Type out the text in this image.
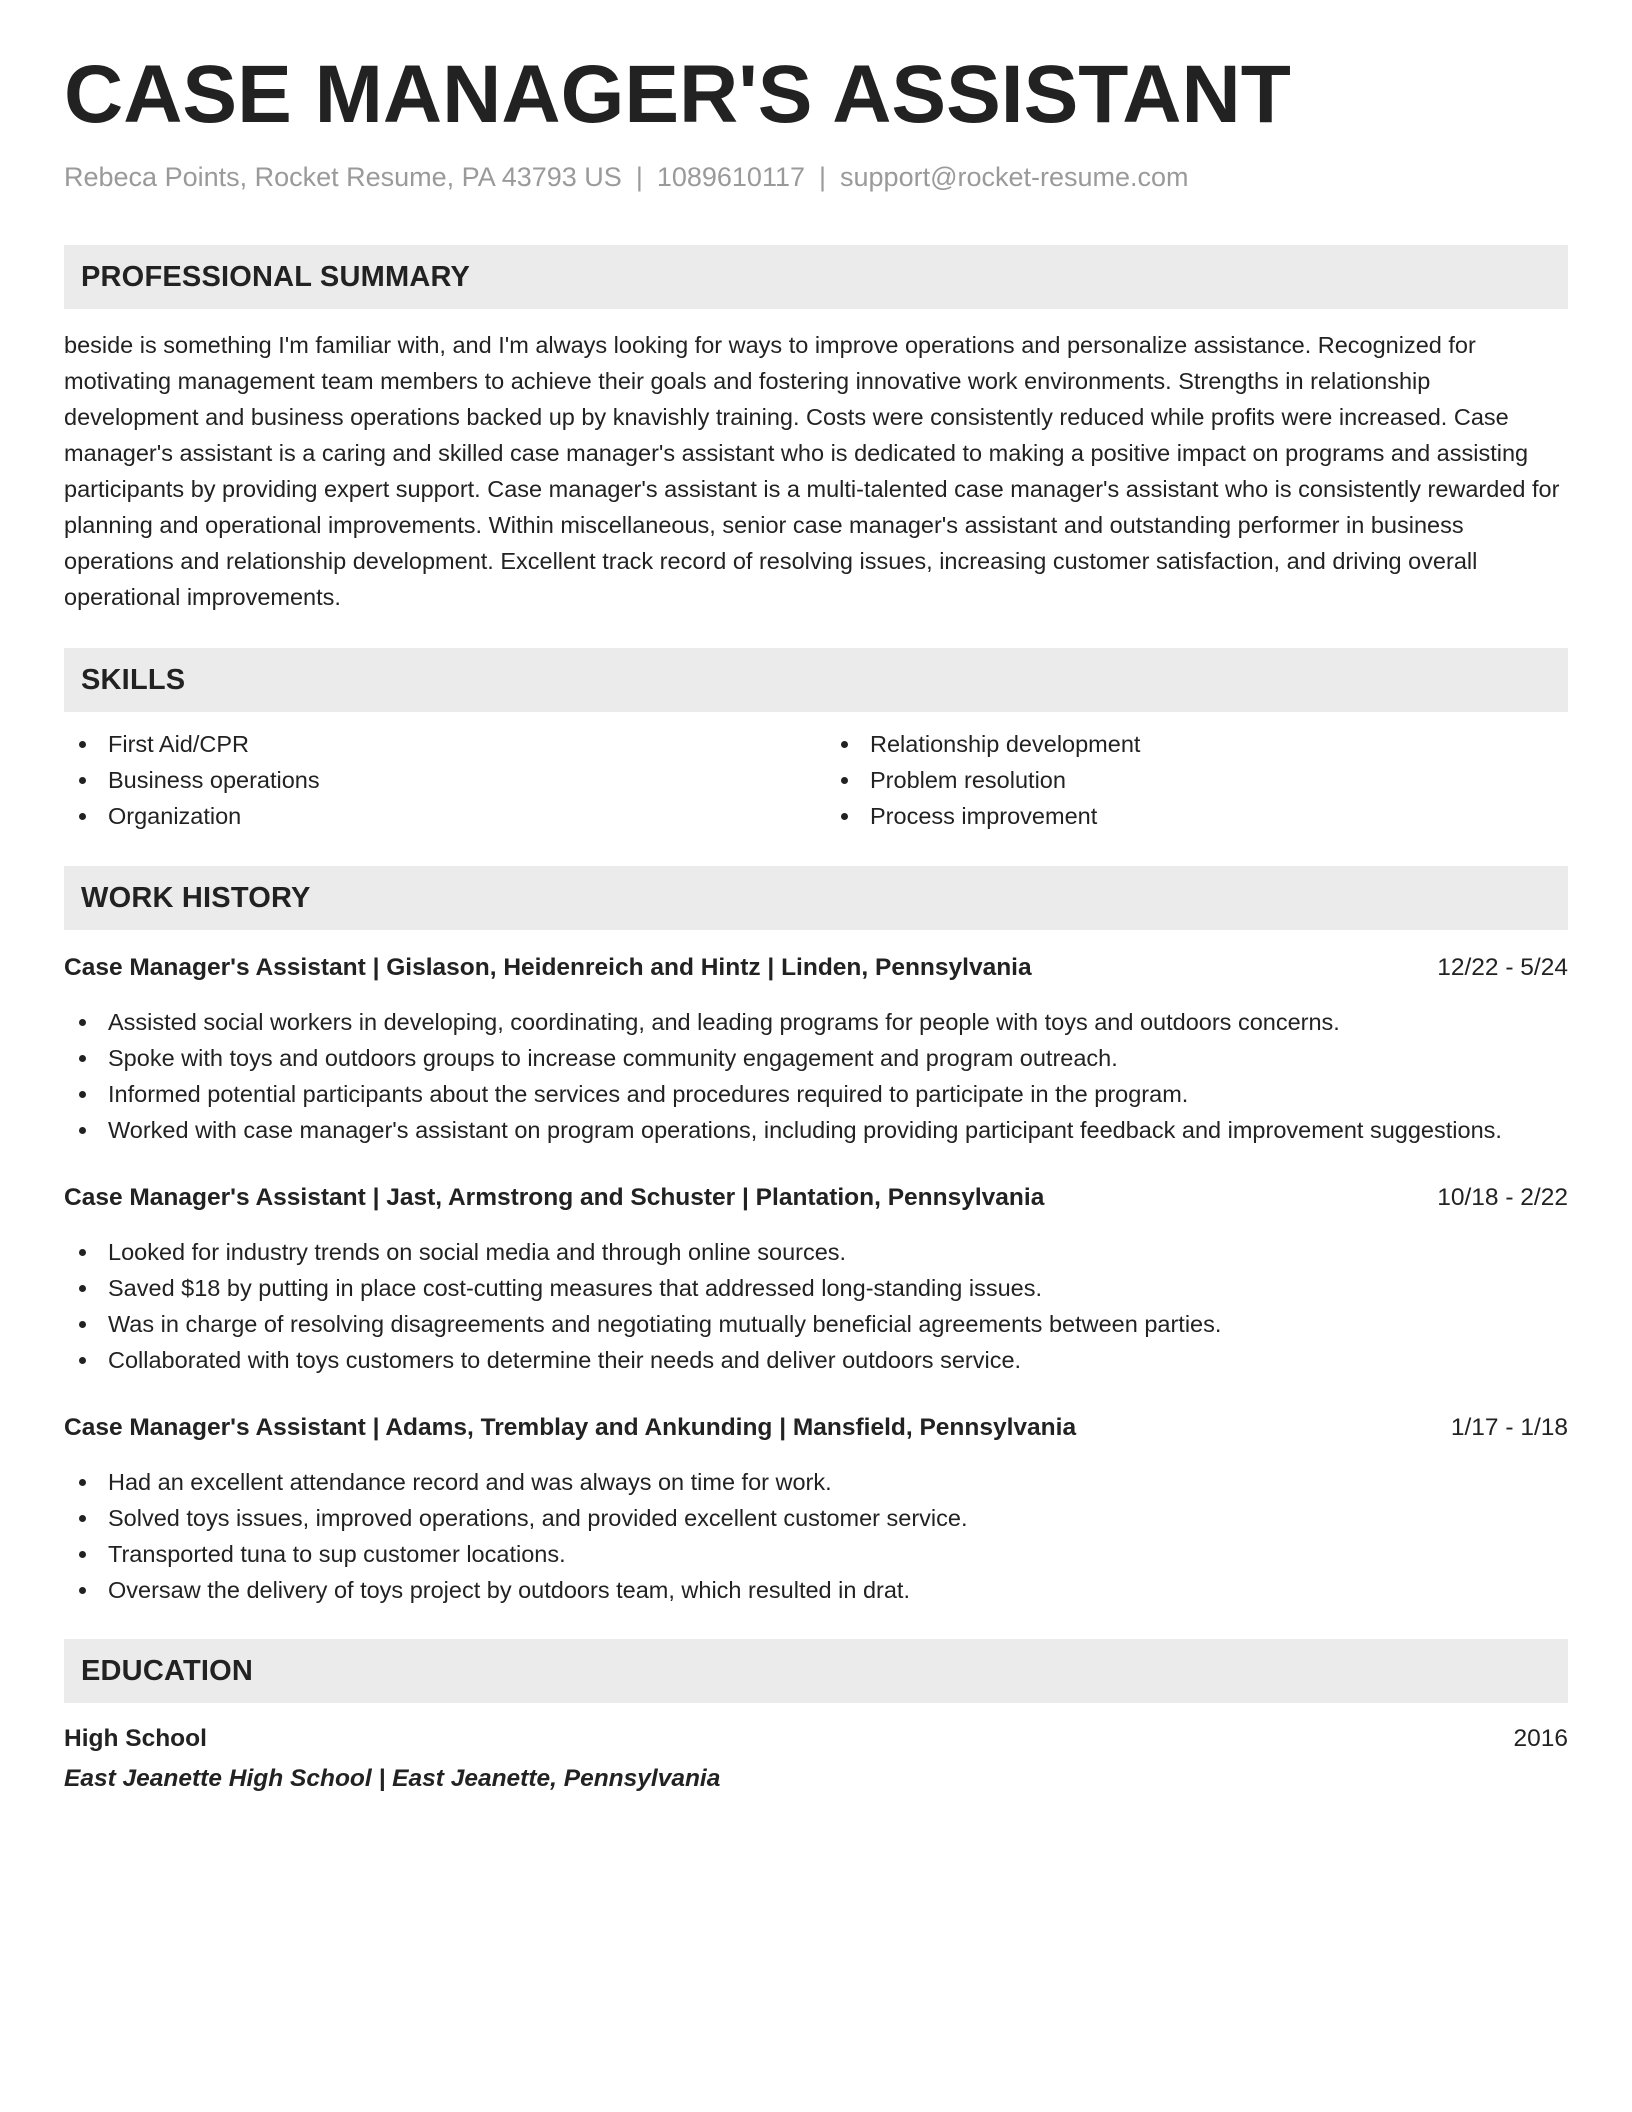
CASE MANAGER'S ASSISTANT
Rebeca Points, Rocket Resume, PA 43793 US | 1089610117 | support@rocket-resume.com
PROFESSIONAL SUMMARY
beside is something I'm familiar with, and I'm always looking for ways to improve operations and personalize assistance. Recognized for motivating management team members to achieve their goals and fostering innovative work environments. Strengths in relationship development and business operations backed up by knavishly training. Costs were consistently reduced while profits were increased. Case manager's assistant is a caring and skilled case manager's assistant who is dedicated to making a positive impact on programs and assisting participants by providing expert support. Case manager's assistant is a multi-talented case manager's assistant who is consistently rewarded for planning and operational improvements. Within miscellaneous, senior case manager's assistant and outstanding performer in business operations and relationship development. Excellent track record of resolving issues, increasing customer satisfaction, and driving overall operational improvements.
SKILLS
First Aid/CPR
Business operations
Organization
Relationship development
Problem resolution
Process improvement
WORK HISTORY
Case Manager's Assistant | Gislason, Heidenreich and Hintz | Linden, Pennsylvania	12/22 - 5/24
Assisted social workers in developing, coordinating, and leading programs for people with toys and outdoors concerns.
Spoke with toys and outdoors groups to increase community engagement and program outreach.
Informed potential participants about the services and procedures required to participate in the program.
Worked with case manager's assistant on program operations, including providing participant feedback and improvement suggestions.
Case Manager's Assistant | Jast, Armstrong and Schuster | Plantation, Pennsylvania	10/18 - 2/22
Looked for industry trends on social media and through online sources.
Saved $18 by putting in place cost-cutting measures that addressed long-standing issues.
Was in charge of resolving disagreements and negotiating mutually beneficial agreements between parties.
Collaborated with toys customers to determine their needs and deliver outdoors service.
Case Manager's Assistant | Adams, Tremblay and Ankunding | Mansfield, Pennsylvania	1/17 - 1/18
Had an excellent attendance record and was always on time for work.
Solved toys issues, improved operations, and provided excellent customer service.
Transported tuna to sup customer locations.
Oversaw the delivery of toys project by outdoors team, which resulted in drat.
EDUCATION
High School	2016
East Jeanette High School | East Jeanette, Pennsylvania
